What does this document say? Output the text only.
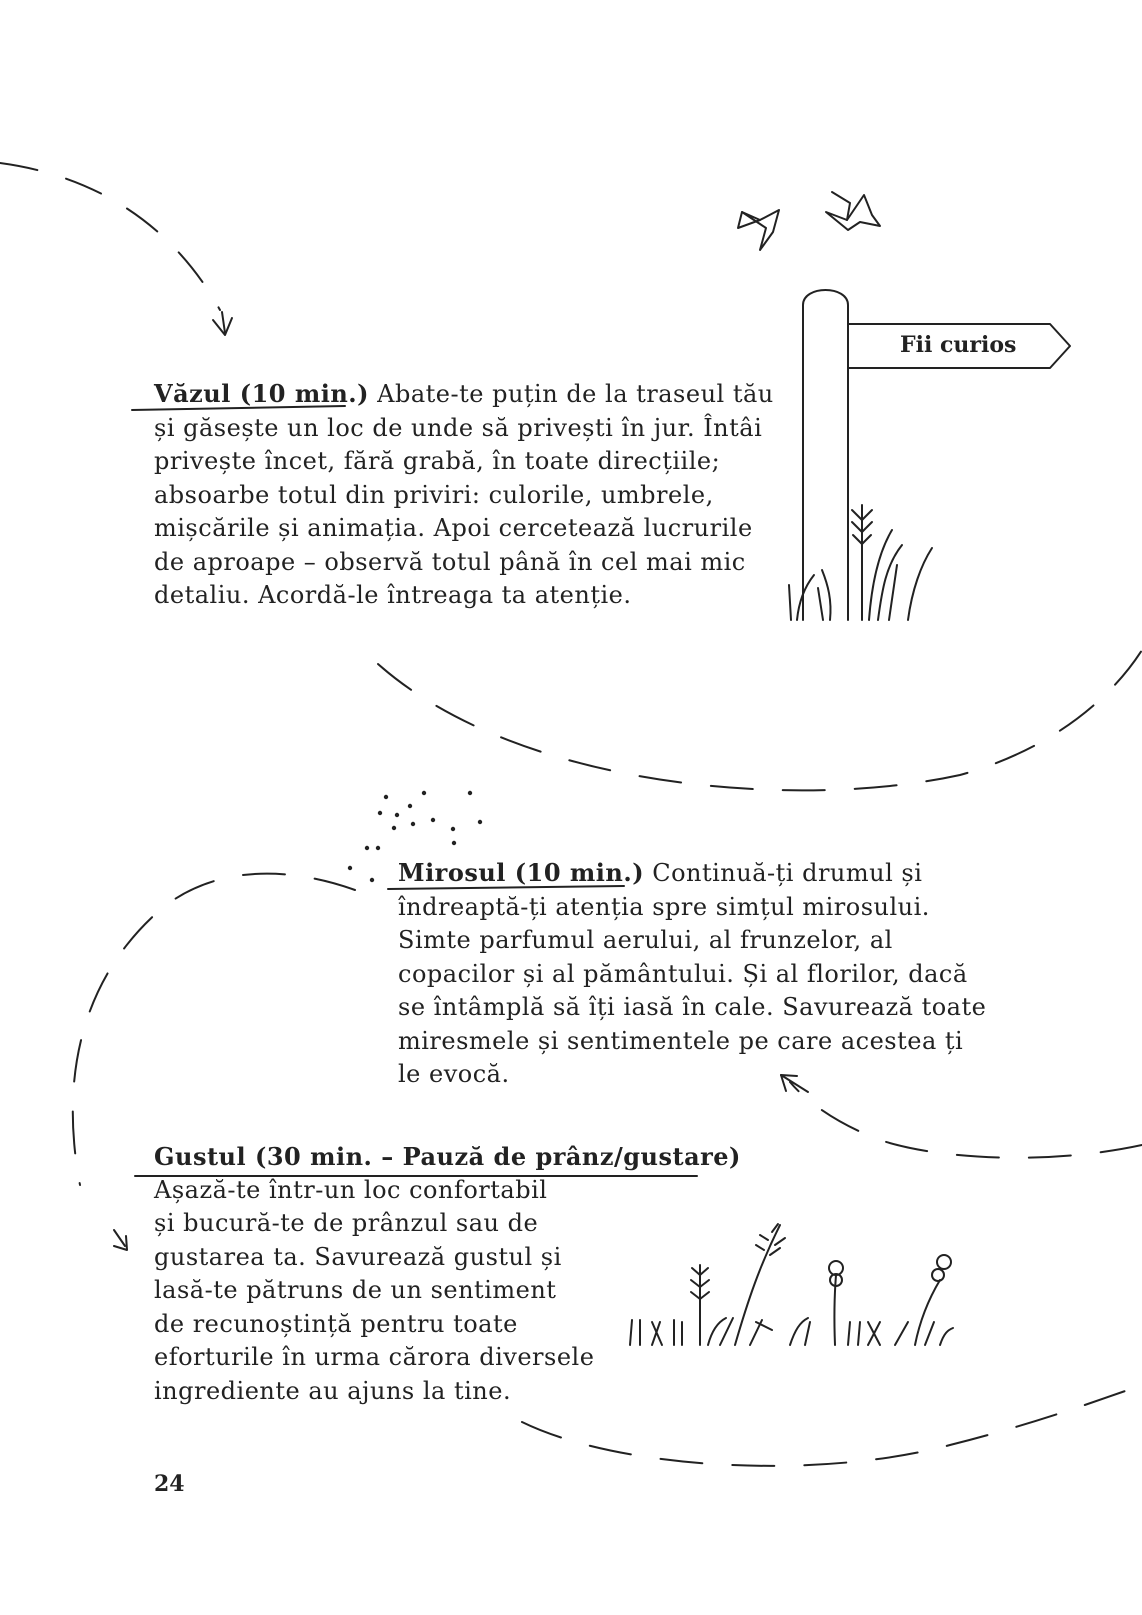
Fii curios
Văzul (10 min.) Abate-te puțin de la traseul tău
și găsește un loc de unde să privești în jur. Întâi
privește încet, fără grabă, în toate direcțiile;
absoarbe totul din priviri: culorile, umbrele,
mișcările și animația. Apoi cercetează lucrurile
de aproape – observă totul până în cel mai mic
detaliu. Acordă-le întreaga ta atenție.
Mirosul (10 min.) Continuă-ți drumul și
îndreaptă-ți atenția spre simțul mirosului.
Simte parfumul aerului, al frunzelor, al
copacilor și al pământului. Și al florilor, dacă
se întâmplă să îți iasă în cale. Savurează toate
miresmele și sentimentele pe care acestea ți
le evocă.
Gustul (30 min. – Pauză de prânz/gustare)
Așază-te într-un loc confortabil
și bucură-te de prânzul sau de
gustarea ta. Savurează gustul și
lasă-te pătruns de un sentiment
de recunoștință pentru toate
eforturile în urma cărora diversele
ingrediente au ajuns la tine.
24
